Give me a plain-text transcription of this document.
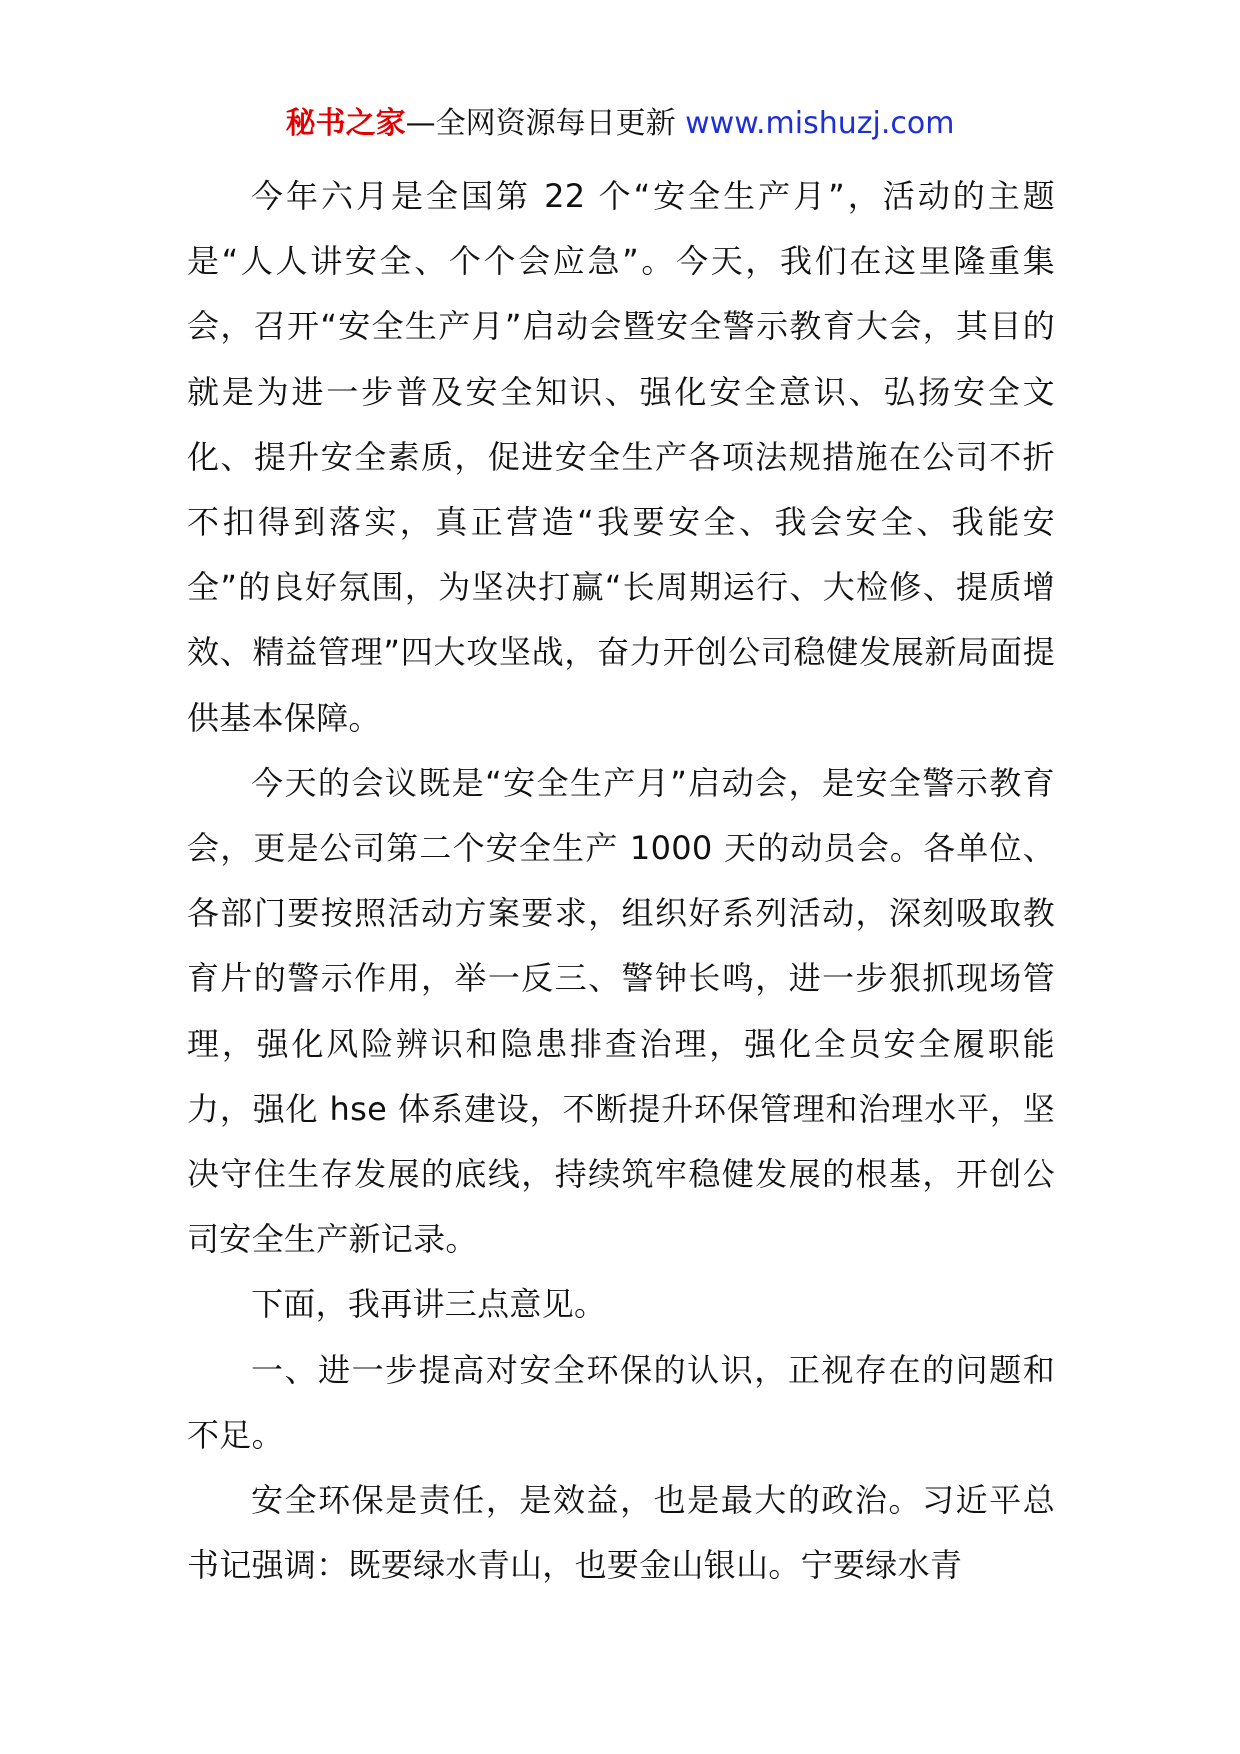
秘书之家—全网资源每日更新 www.mishuzj.com

今年六月是全国第 22 个“安全生产月”，活动的主题是“人人讲安全、个个会应急”。今天，我们在这里隆重集会，召开“安全生产月”启动会暨安全警示教育大会，其目的就是为进一步普及安全知识、强化安全意识、弘扬安全文化、提升安全素质，促进安全生产各项法规措施在公司不折不扣得到落实，真正营造“我要安全、我会安全、我能安全”的良好氛围，为坚决打赢“长周期运行、大检修、提质增效、精益管理”四大攻坚战，奋力开创公司稳健发展新局面提供基本保障。

今天的会议既是“安全生产月”启动会，是安全警示教育会，更是公司第二个安全生产 1000 天的动员会。各单位、各部门要按照活动方案要求，组织好系列活动，深刻吸取教育片的警示作用，举一反三、警钟长鸣，进一步狠抓现场管理，强化风险辨识和隐患排查治理，强化全员安全履职能力，强化 hse 体系建设，不断提升环保管理和治理水平，坚决守住生存发展的底线，持续筑牢稳健发展的根基，开创公司安全生产新记录。

下面，我再讲三点意见。

一、进一步提高对安全环保的认识，正视存在的问题和不足。

安全环保是责任，是效益，也是最大的政治。习近平总书记强调：既要绿水青山，也要金山银山。宁要绿水青
